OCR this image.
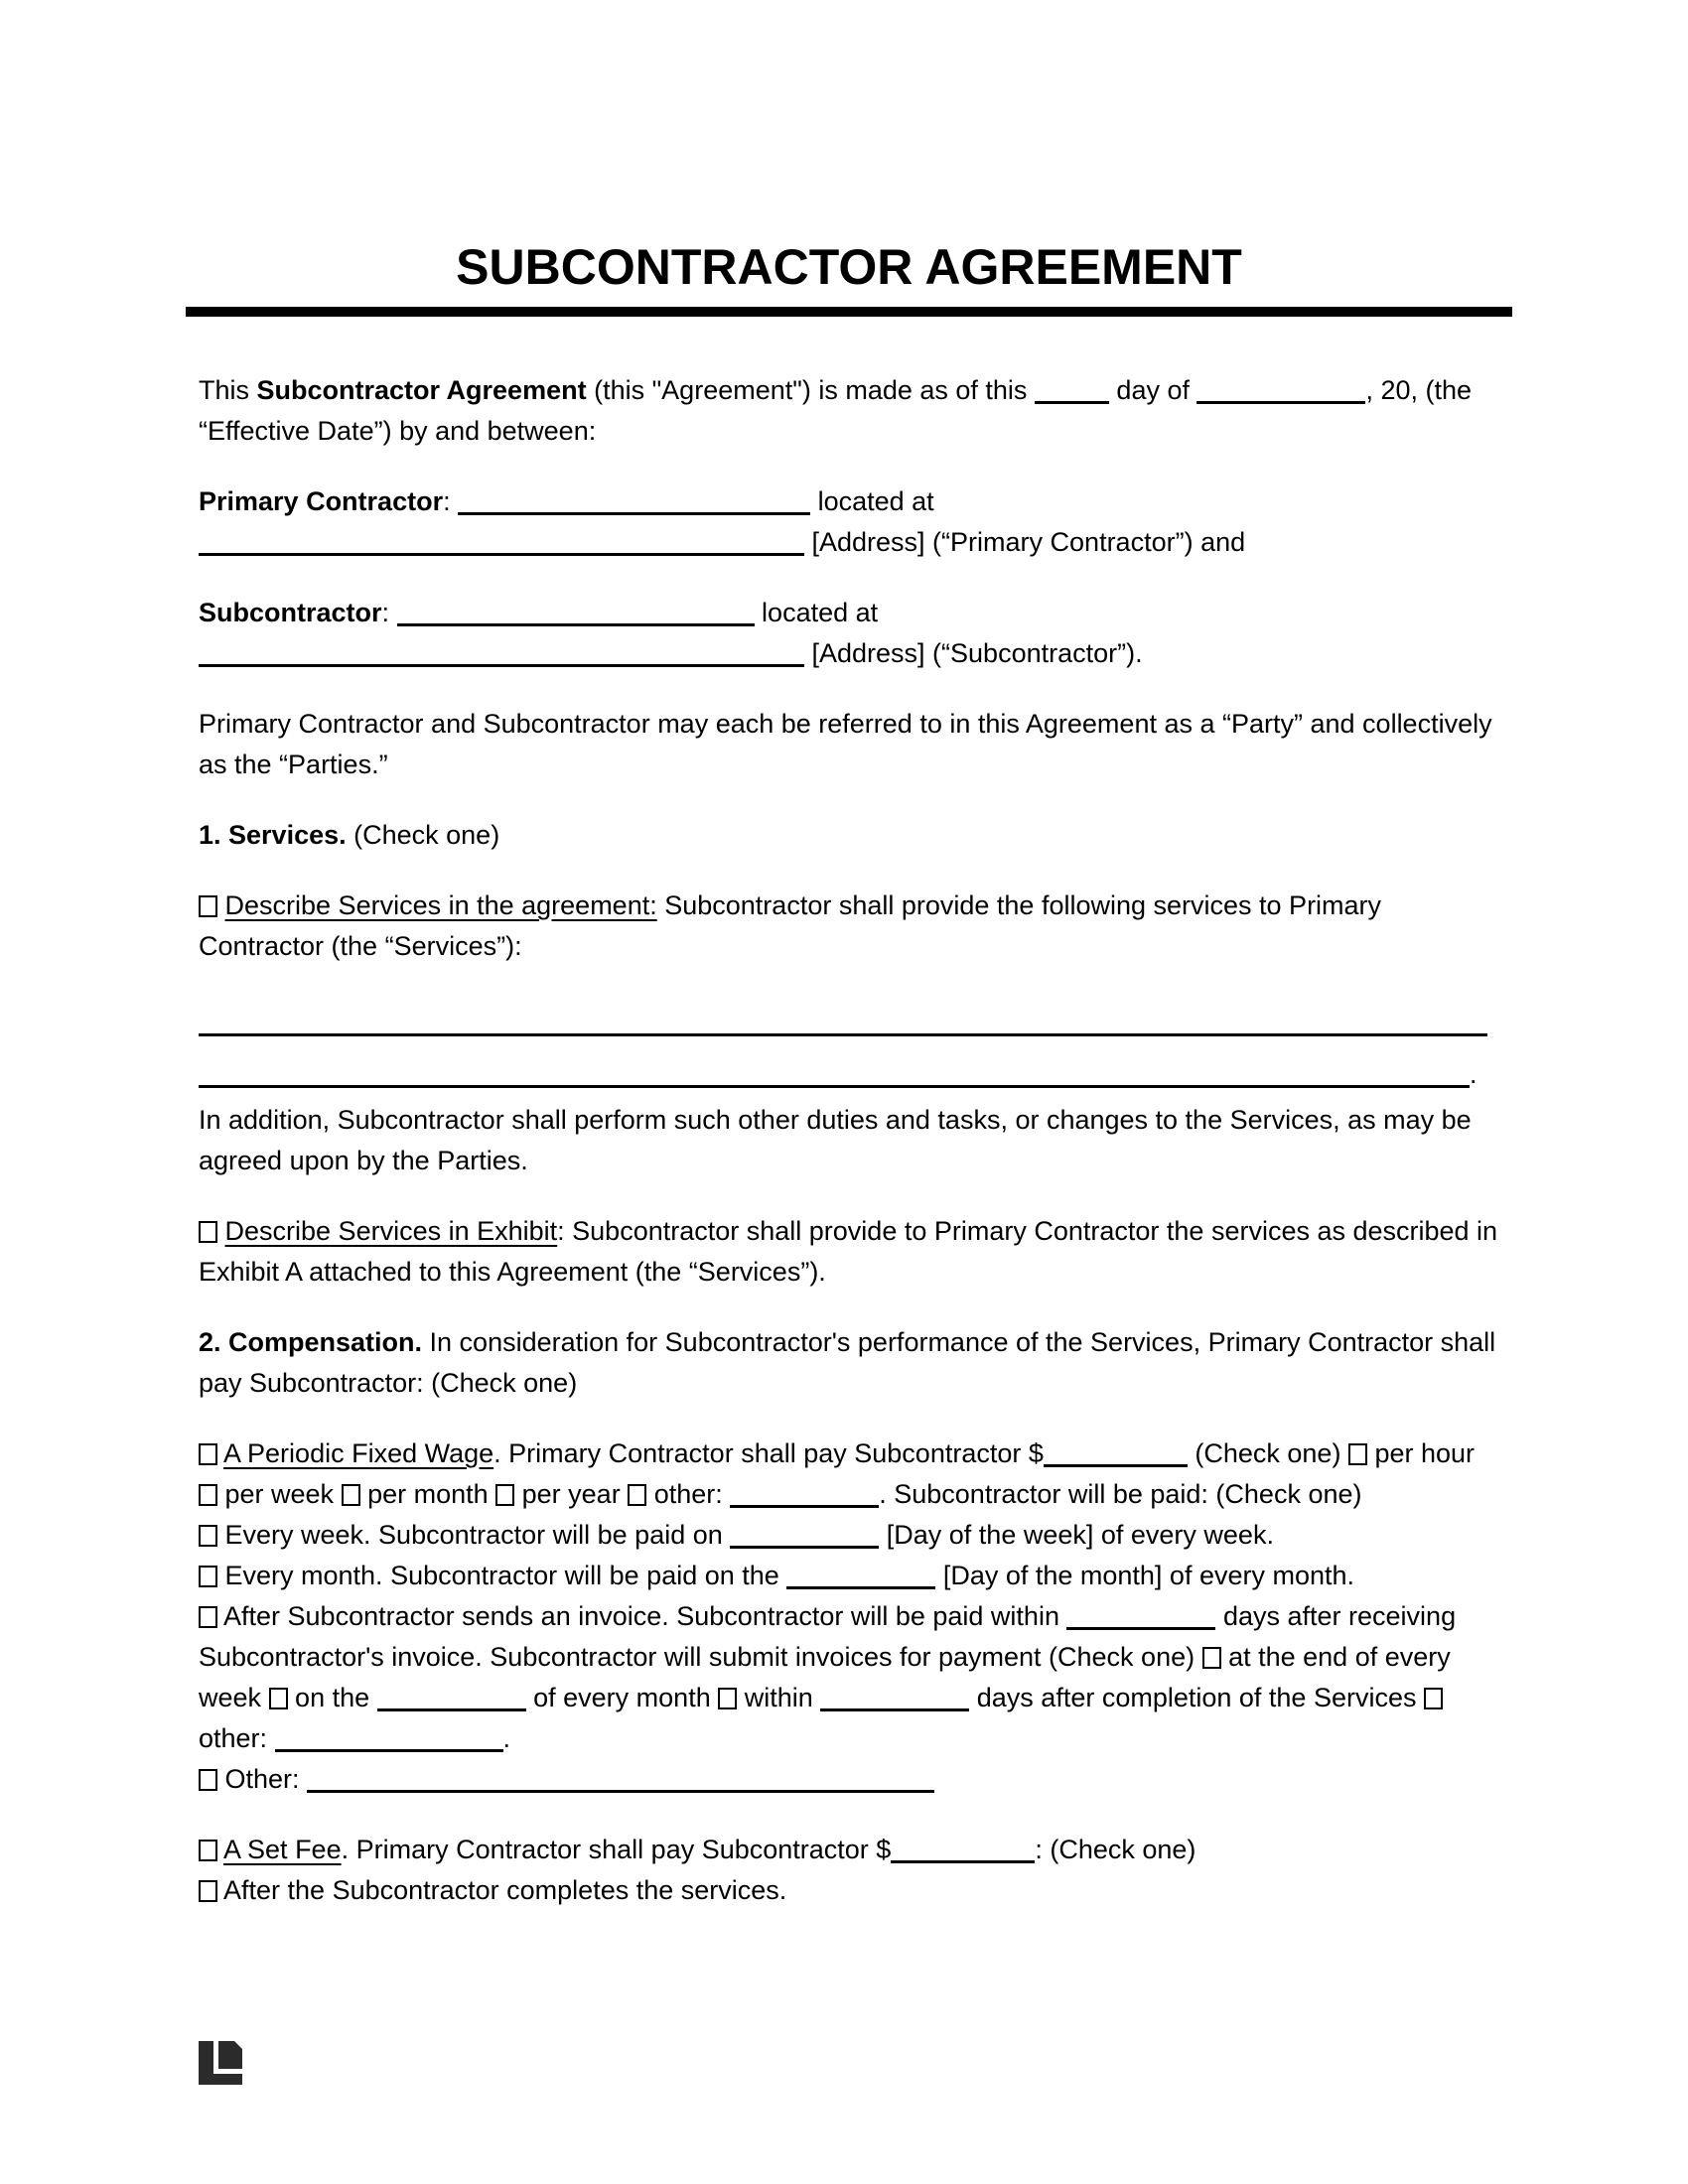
SUBCONTRACTOR AGREEMENT
This Subcontractor Agreement (this "Agreement") is made as of this	day of	, 20, (the “Effective Date”) by and between:
Primary Contractor:	located at
[Address] (“Primary Contractor”) and
Subcontractor:	located at
[Address] (“Subcontractor”).
Primary Contractor and Subcontractor may each be referred to in this Agreement as a “Party” and collectively as the “Parties.”
1. Services. (Check one)
Describe Services in the agreement: Subcontractor shall provide the following services to Primary Contractor (the “Services”):
.
In addition, Subcontractor shall perform such other duties and tasks, or changes to the Services, as may be agreed upon by the Parties.
Describe Services in Exhibit: Subcontractor shall provide to Primary Contractor the services as described in Exhibit A attached to this Agreement (the “Services”).
2. Compensation. In consideration for Subcontractor's performance of the Services, Primary Contractor shall pay Subcontractor: (Check one)
A Periodic Fixed Wage. Primary Contractor shall pay Subcontractor $	(Check one)  per hour  per week  per month  per year  other:	. Subcontractor will be paid: (Check one)
Every week. Subcontractor will be paid on	[Day of the week] of every week.
Every month. Subcontractor will be paid on the	[Day of the month] of every month.
After Subcontractor sends an invoice. Subcontractor will be paid within	days after receiving Subcontractor's invoice. Subcontractor will submit invoices for payment (Check one)  at the end of every week  on the	of every month  within	days after completion of the Services other:	.
Other:
A Set Fee. Primary Contractor shall pay Subcontractor $	: (Check one)
After the Subcontractor completes the services.
